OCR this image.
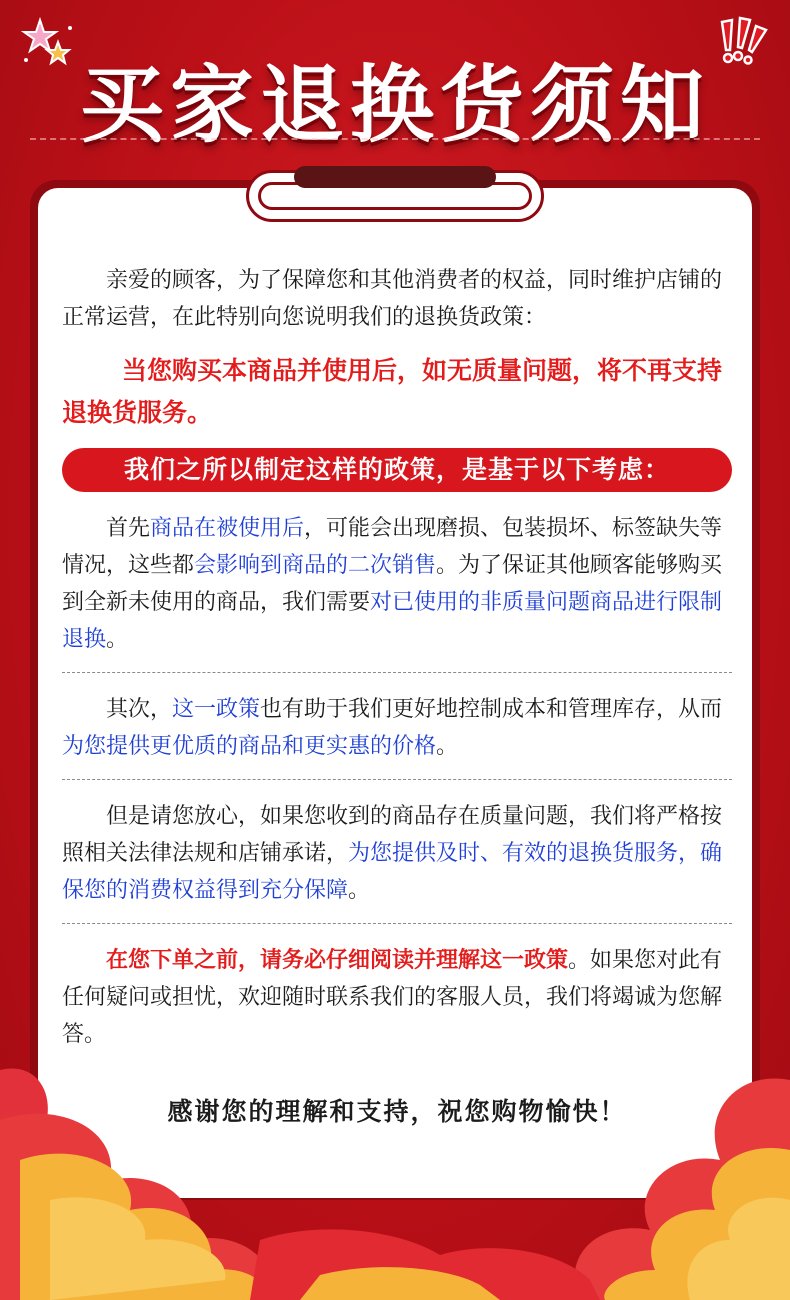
买家退换货须知

亲爱的顾客，为了保障您和其他消费者的权益，同时维护店铺的正常运营，在此特别向您说明我们的退换货政策：

当您购买本商品并使用后，如无质量问题，将不再支持退换货服务。

我们之所以制定这样的政策，是基于以下考虑：

首先商品在被使用后，可能会出现磨损、包装损坏、标签缺失等情况，这些都会影响到商品的二次销售。为了保证其他顾客能够购买到全新未使用的商品，我们需要对已使用的非质量问题商品进行限制退换。

其次，这一政策也有助于我们更好地控制成本和管理库存，从而为您提供更优质的商品和更实惠的价格。

但是请您放心，如果您收到的商品存在质量问题，我们将严格按照相关法律法规和店铺承诺，为您提供及时、有效的退换货服务，确保您的消费权益得到充分保障。

在您下单之前，请务必仔细阅读并理解这一政策。如果您对此有任何疑问或担忧，欢迎随时联系我们的客服人员，我们将竭诚为您解答。

感谢您的理解和支持，祝您购物愉快！
